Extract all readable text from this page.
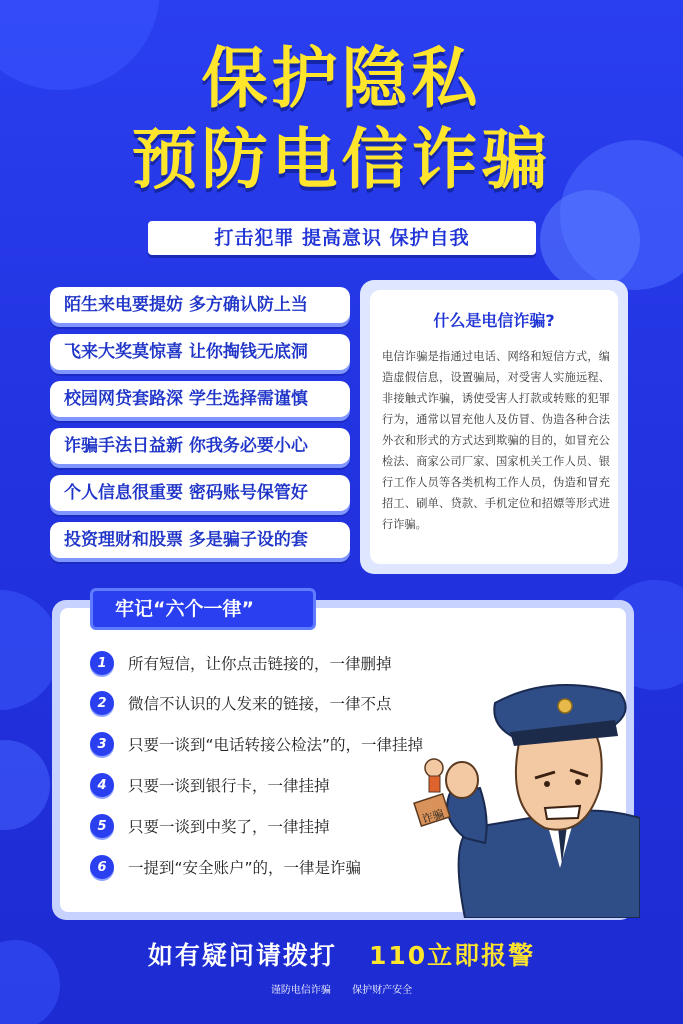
保护隐私
预防电信诈骗
打击犯罪 提高意识 保护自我
陌生来电要提妨 多方确认防上当
飞来大奖莫惊喜 让你掏钱无底洞
校园网贷套路深 学生选择需谨慎
诈骗手法日益新 你我务必要小心
个人信息很重要 密码账号保管好
投资理财和股票 多是骗子设的套
什么是电信诈骗?
电信诈骗是指通过电话、网络和短信方式，编造虚假信息，设置骗局，对受害人实施远程、非接触式诈骗，诱使受害人打款或转账的犯罪行为，通常以冒充他人及仿冒、伪造各种合法外衣和形式的方式达到欺骗的目的，如冒充公检法、商家公司厂家、国家机关工作人员、银行工作人员等各类机构工作人员，伪造和冒充招工、刷单、贷款、手机定位和招嫖等形式进行诈骗。
牢记“六个一律”
1	所有短信，让你点击链接的，一律删掉
2	微信不认识的人发来的链接，一律不点
3	只要一谈到“电话转接公检法”的，一律挂掉
4	只要一谈到银行卡，一律挂掉
5	只要一谈到中奖了，一律挂掉
6	一提到“安全账户”的，一律是诈骗
诈骗
如有疑问请拨打 110立即报警
谨防电信诈骗 保护财产安全
